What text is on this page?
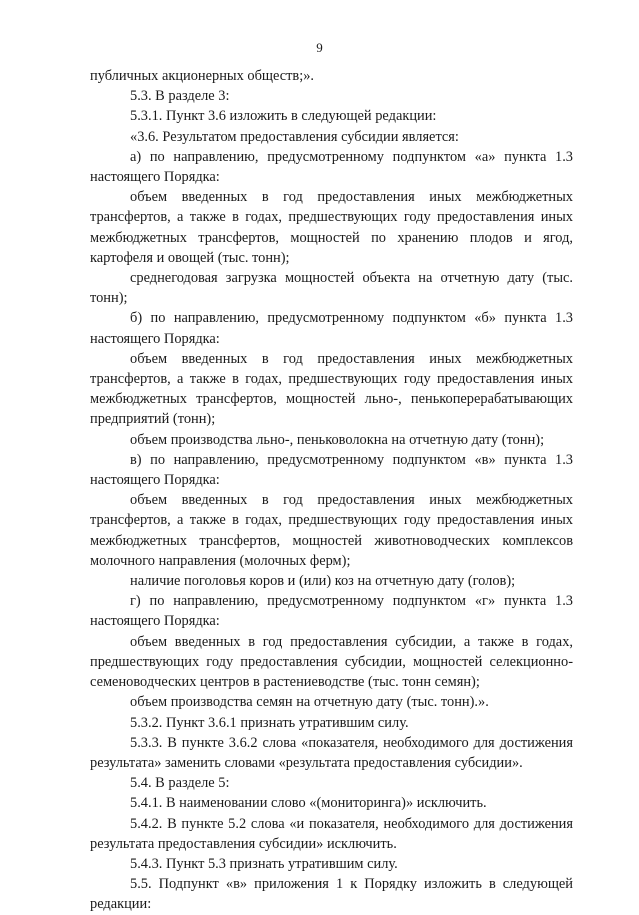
9

публичных акционерных обществ;».

5.3. В разделе 3:

5.3.1. Пункт 3.6 изложить в следующей редакции:

«3.6. Результатом предоставления субсидии является:

а) по направлению, предусмотренному подпунктом «а» пункта 1.3 настоящего Порядка:

объем введенных в год предоставления иных межбюджетных трансфертов, а также в годах, предшествующих году предоставления иных межбюджетных трансфертов, мощностей по хранению плодов и ягод, картофеля и овощей (тыс. тонн);

среднегодовая загрузка мощностей объекта на отчетную дату (тыс. тонн);

б) по направлению, предусмотренному подпунктом «б» пункта 1.3 настоящего Порядка:

объем введенных в год предоставления иных межбюджетных трансфертов, а также в годах, предшествующих году предоставления иных межбюджетных трансфертов, мощностей льно-, пенькоперерабатывающих предприятий (тонн);

объем производства льно-, пеньковолокна на отчетную дату (тонн);

в) по направлению, предусмотренному подпунктом «в» пункта 1.3 настоящего Порядка:

объем введенных в год предоставления иных межбюджетных трансфертов, а также в годах, предшествующих году предоставления иных межбюджетных трансфертов, мощностей животноводческих комплексов молочного направления (молочных ферм);

наличие поголовья коров и (или) коз на отчетную дату (голов);

г) по направлению, предусмотренному подпунктом «г» пункта 1.3 настоящего Порядка:

объем введенных в год предоставления субсидии, а также в годах, предшествующих году предоставления субсидии, мощностей селекционно-семеноводческих центров в растениеводстве (тыс. тонн семян);

объем производства семян на отчетную дату (тыс. тонн).».

5.3.2. Пункт 3.6.1 признать утратившим силу.

5.3.3. В пункте 3.6.2 слова «показателя, необходимого для достижения результата» заменить словами «результата предоставления субсидии».

5.4. В разделе 5:

5.4.1. В наименовании слово «(мониторинга)» исключить.

5.4.2. В пункте 5.2 слова «и показателя, необходимого для достижения результата предоставления субсидии» исключить.

5.4.3. Пункт 5.3 признать утратившим силу.

5.5. Подпункт «в» приложения 1 к Порядку изложить в следующей редакции:
